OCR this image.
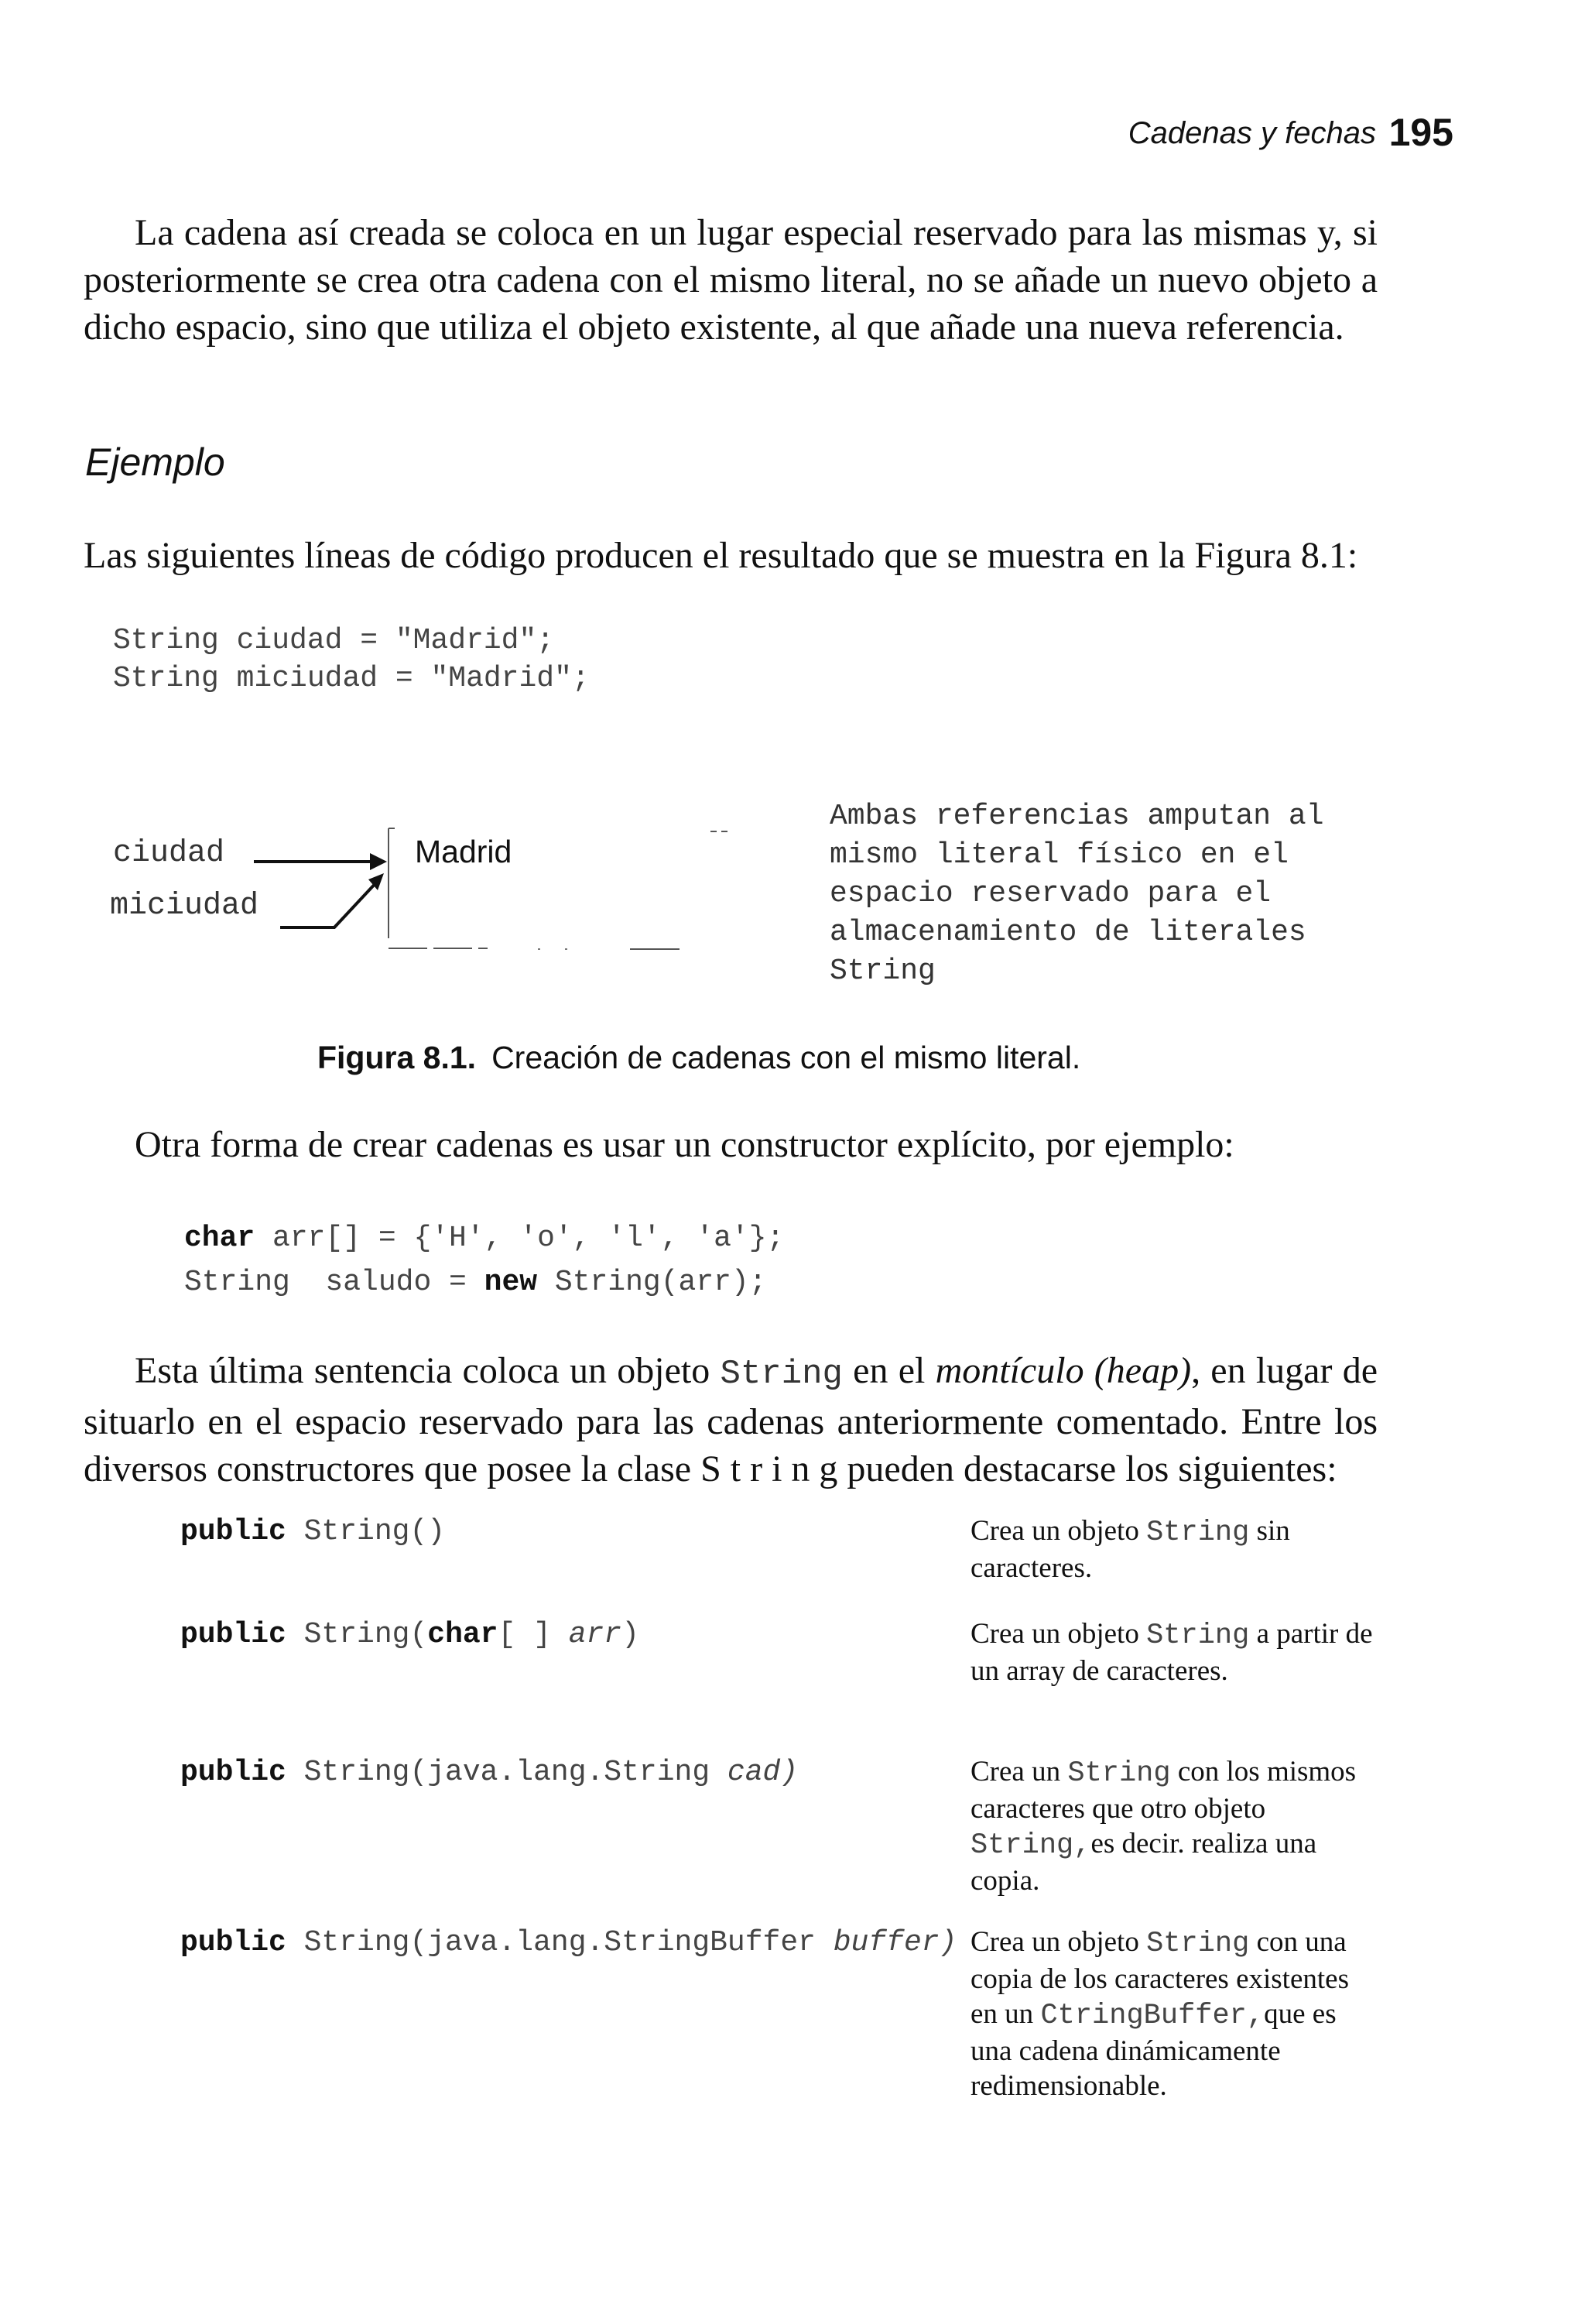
Cadenas y fechas 195
La cadena así creada se coloca en un lugar especial reservado para las mismas y, si posteriormente se crea otra cadena con el mismo literal, no se añade un nuevo objeto a dicho espacio, sino que utiliza el objeto existente, al que añade una nueva referencia.
Ejemplo
Las siguientes líneas de código producen el resultado que se muestra en la Figura 8.1:
String ciudad = "Madrid";
String miciudad = "Madrid";
ciudad
miciudad
Madrid
Ambas referencias amputan al
mismo literal físico en el
espacio reservado para el
almacenamiento de literales
String
Figura 8.1. Creación de cadenas con el mismo literal.
Otra forma de crear cadenas es usar un constructor explícito, por ejemplo:
char arr[] = {'H', 'o', 'l', 'a'};
String  saludo = new String(arr);
Esta última sentencia coloca un objeto String en el montículo (heap), en lugar de situarlo en el espacio reservado para las cadenas anteriormente comentado. Entre los diversos constructores que posee la clase S t r i n g pueden destacarse los siguientes:
public String()	Crea un objeto String sin caracteres.
public String(char[ ] arr)	Crea un objeto String a partir de un array de caracteres.
public String(java.lang.String cad)	Crea un String con los mismos caracteres que otro objeto String,es decir. realiza una copia.
public String(java.lang.StringBuffer buffer) Crea un objeto String con una copia de los caracteres existentes en un CtringBuffer,que es una cadena dinámicamente redimensionable.
